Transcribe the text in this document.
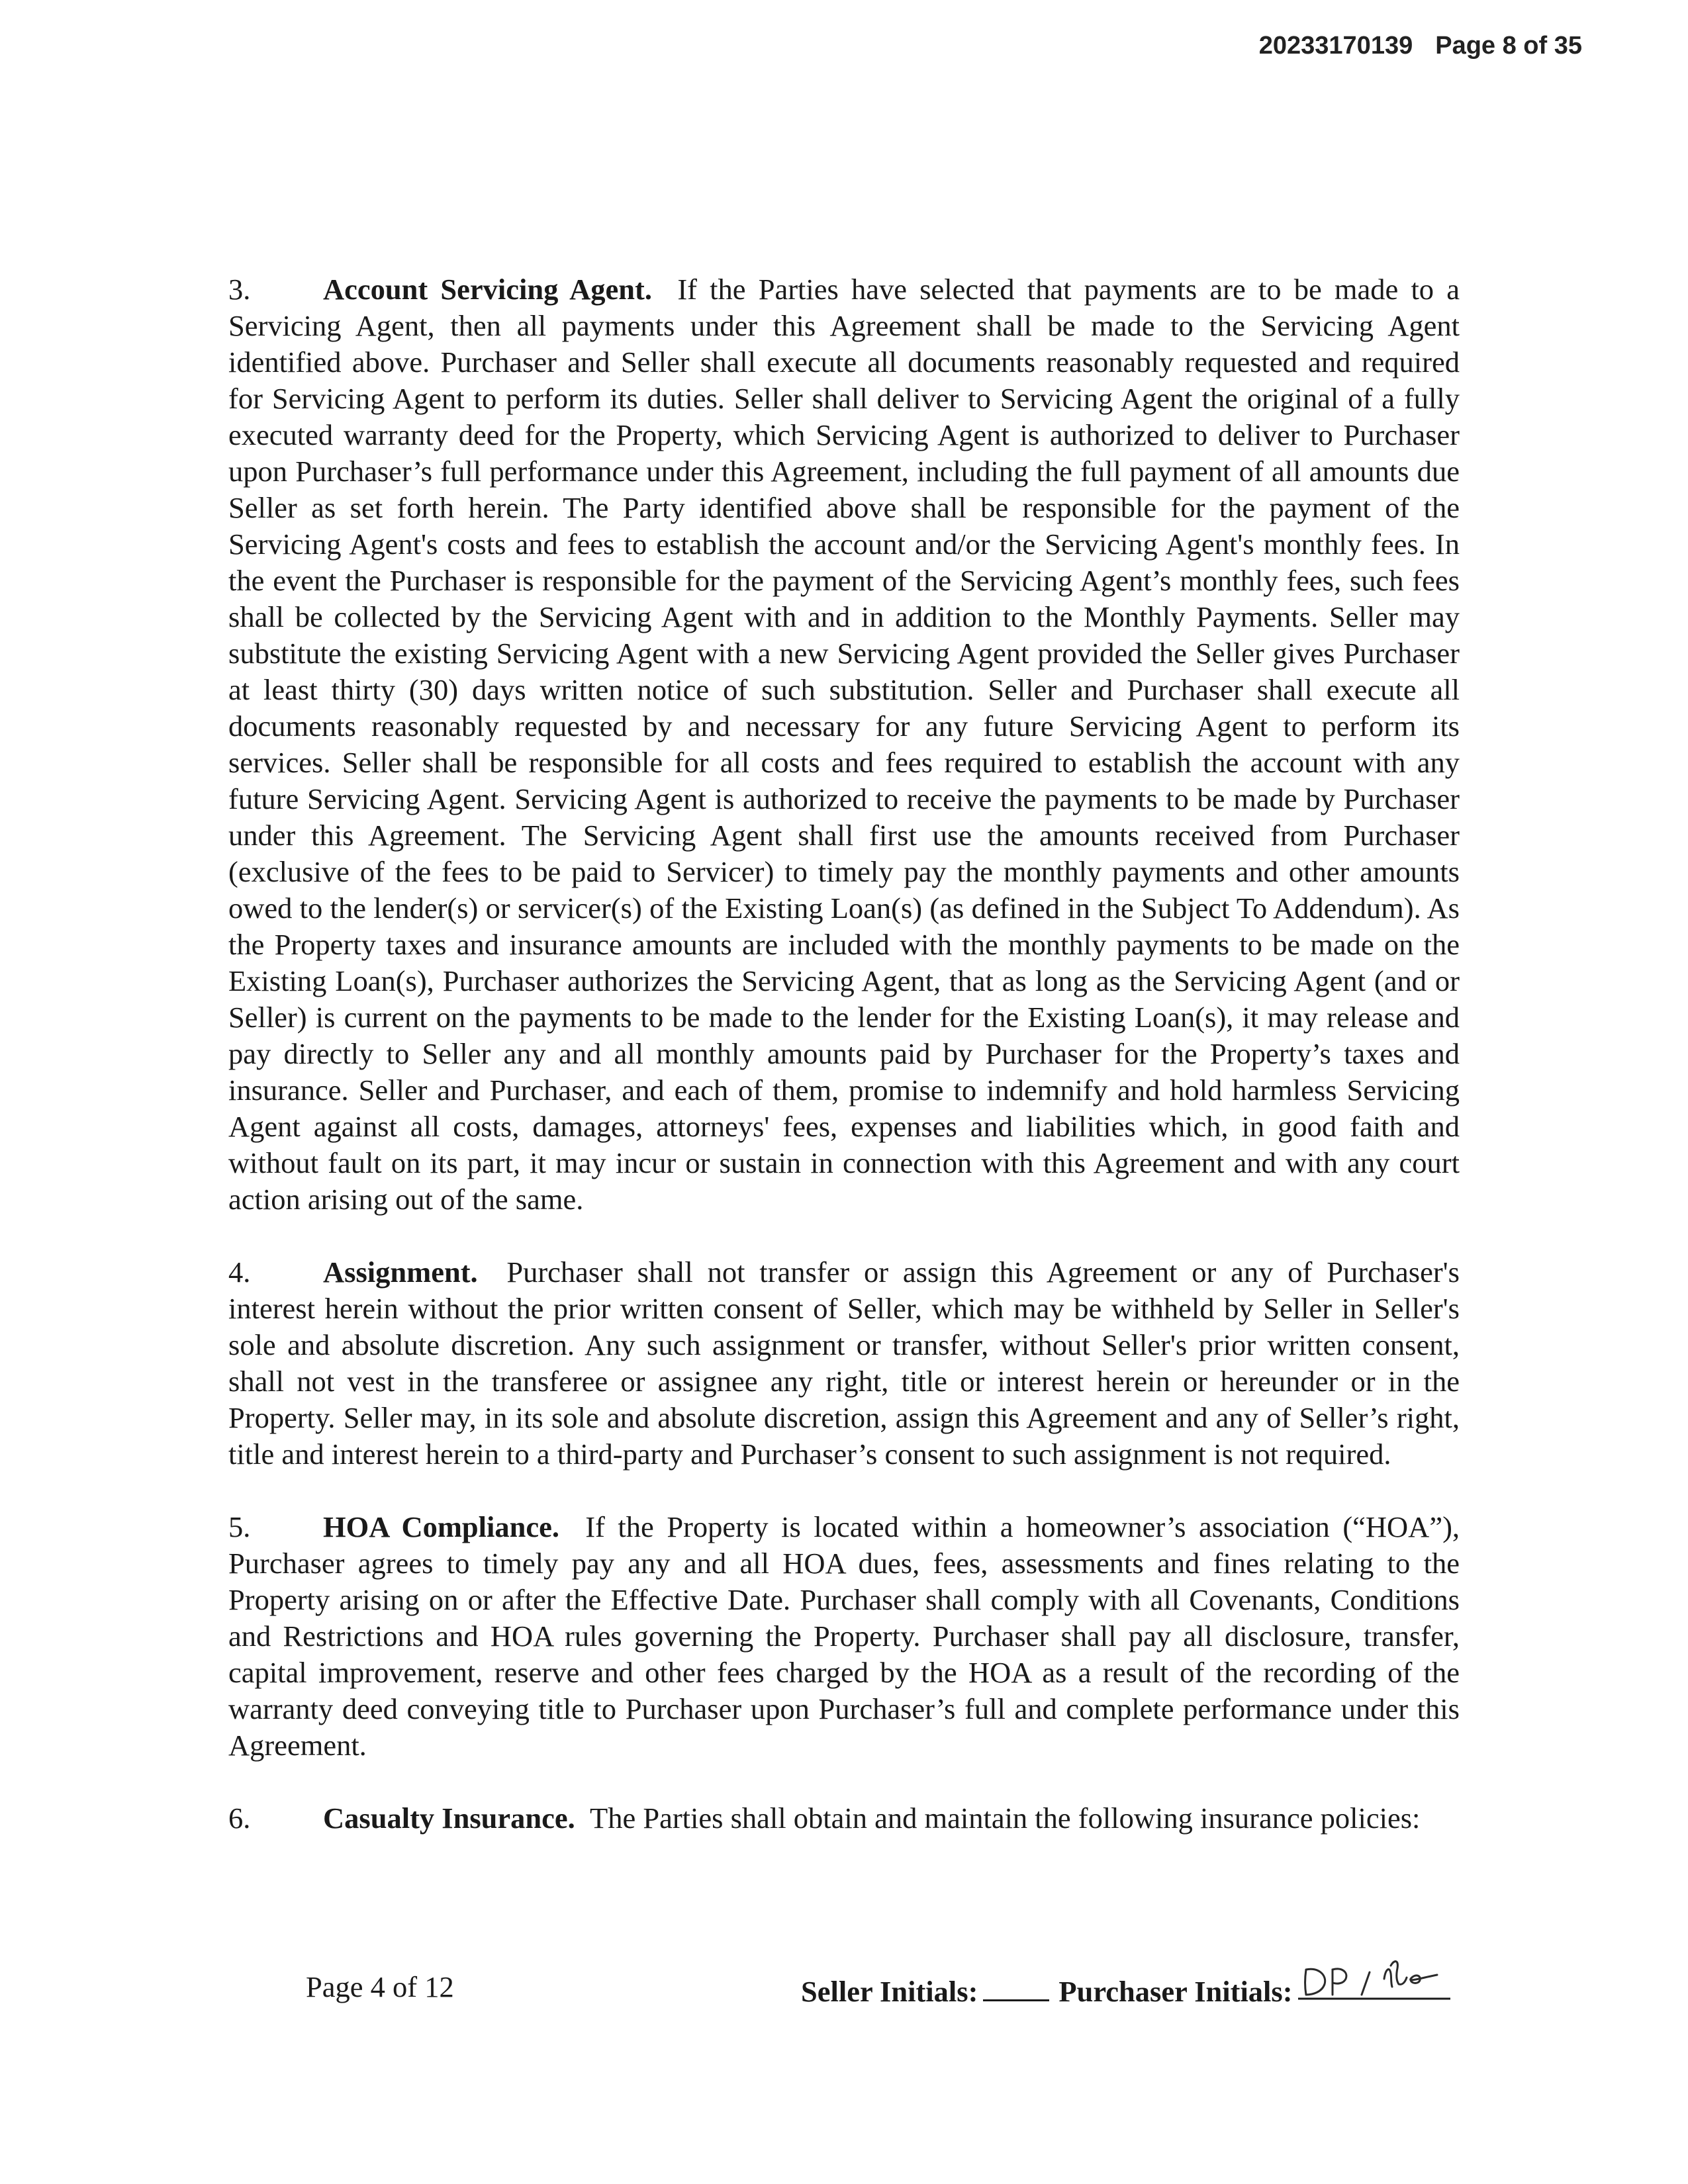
20233170139 Page 8 of 35

3. Account Servicing Agent. If the Parties have selected that payments are to be made to a Servicing Agent, then all payments under this Agreement shall be made to the Servicing Agent identified above. Purchaser and Seller shall execute all documents reasonably requested and required for Servicing Agent to perform its duties. Seller shall deliver to Servicing Agent the original of a fully executed warranty deed for the Property, which Servicing Agent is authorized to deliver to Purchaser upon Purchaser’s full performance under this Agreement, including the full payment of all amounts due Seller as set forth herein. The Party identified above shall be responsible for the payment of the Servicing Agent's costs and fees to establish the account and/or the Servicing Agent's monthly fees. In the event the Purchaser is responsible for the payment of the Servicing Agent’s monthly fees, such fees shall be collected by the Servicing Agent with and in addition to the Monthly Payments. Seller may substitute the existing Servicing Agent with a new Servicing Agent provided the Seller gives Purchaser at least thirty (30) days written notice of such substitution. Seller and Purchaser shall execute all documents reasonably requested by and necessary for any future Servicing Agent to perform its services. Seller shall be responsible for all costs and fees required to establish the account with any future Servicing Agent. Servicing Agent is authorized to receive the payments to be made by Purchaser under this Agreement. The Servicing Agent shall first use the amounts received from Purchaser (exclusive of the fees to be paid to Servicer) to timely pay the monthly payments and other amounts owed to the lender(s) or servicer(s) of the Existing Loan(s) (as defined in the Subject To Addendum). As the Property taxes and insurance amounts are included with the monthly payments to be made on the Existing Loan(s), Purchaser authorizes the Servicing Agent, that as long as the Servicing Agent (and or Seller) is current on the payments to be made to the lender for the Existing Loan(s), it may release and pay directly to Seller any and all monthly amounts paid by Purchaser for the Property’s taxes and insurance. Seller and Purchaser, and each of them, promise to indemnify and hold harmless Servicing Agent against all costs, damages, attorneys' fees, expenses and liabilities which, in good faith and without fault on its part, it may incur or sustain in connection with this Agreement and with any court action arising out of the same.

4. Assignment. Purchaser shall not transfer or assign this Agreement or any of Purchaser's interest herein without the prior written consent of Seller, which may be withheld by Seller in Seller's sole and absolute discretion. Any such assignment or transfer, without Seller's prior written consent, shall not vest in the transferee or assignee any right, title or interest herein or hereunder or in the Property. Seller may, in its sole and absolute discretion, assign this Agreement and any of Seller’s right, title and interest herein to a third-party and Purchaser’s consent to such assignment is not required.

5. HOA Compliance. If the Property is located within a homeowner’s association (“HOA”), Purchaser agrees to timely pay any and all HOA dues, fees, assessments and fines relating to the Property arising on or after the Effective Date. Purchaser shall comply with all Covenants, Conditions and Restrictions and HOA rules governing the Property. Purchaser shall pay all disclosure, transfer, capital improvement, reserve and other fees charged by the HOA as a result of the recording of the warranty deed conveying title to Purchaser upon Purchaser’s full and complete performance under this Agreement.

6. Casualty Insurance. The Parties shall obtain and maintain the following insurance policies:

Page 4 of 12	Seller Initials:	Purchaser Initials:
